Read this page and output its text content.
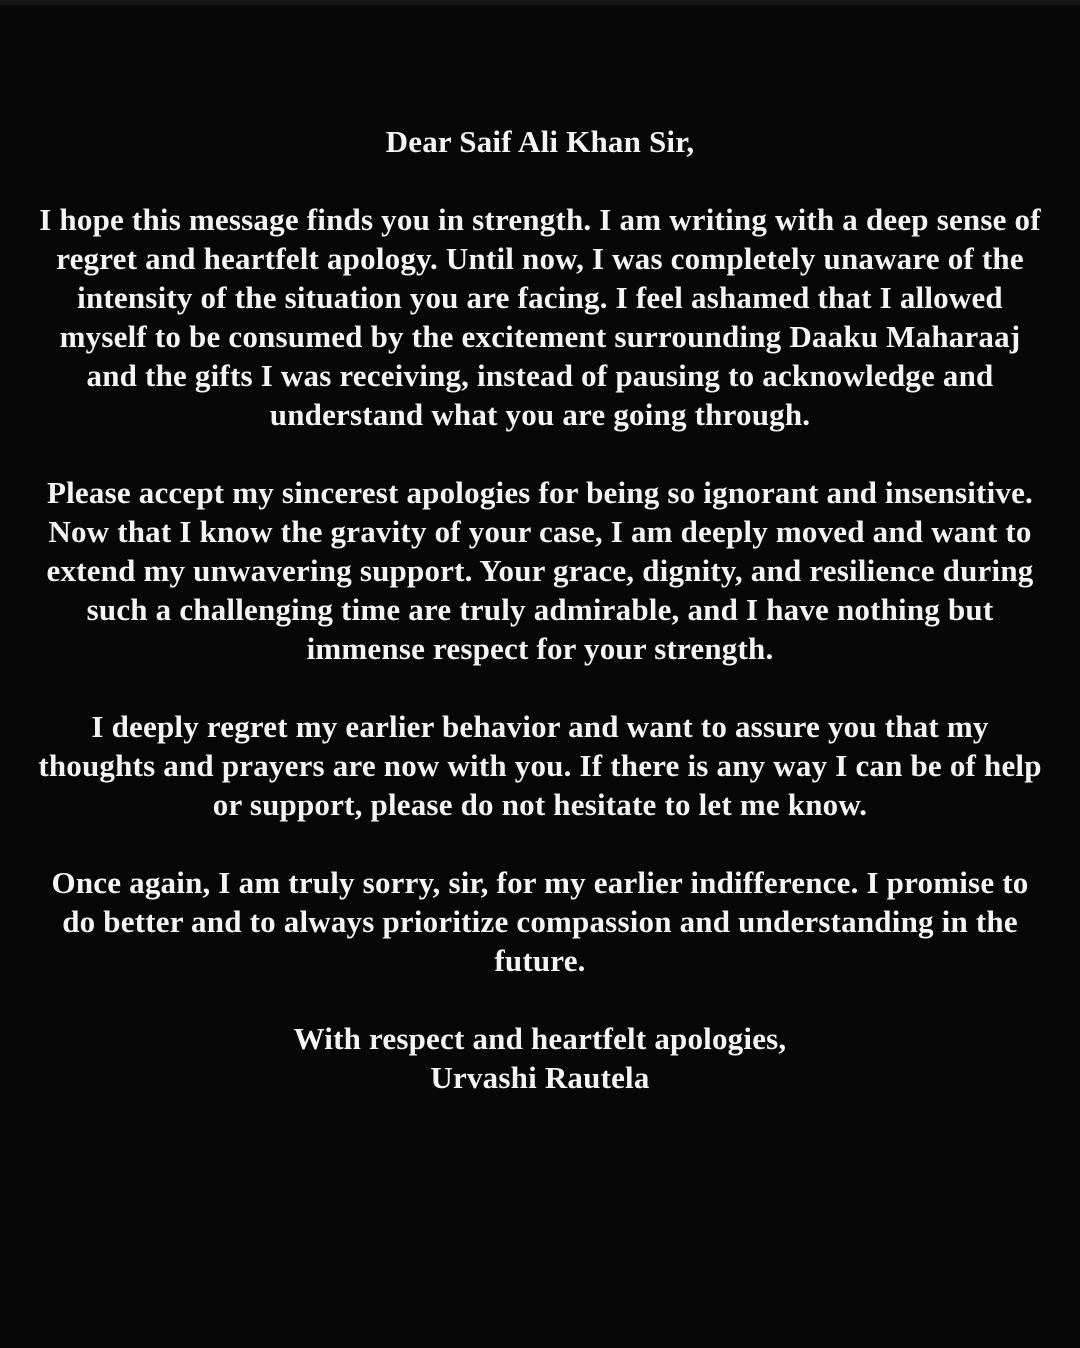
Dear Saif Ali Khan Sir,

I hope this message finds you in strength. I am writing with a deep sense of regret and heartfelt apology. Until now, I was completely unaware of the intensity of the situation you are facing. I feel ashamed that I allowed myself to be consumed by the excitement surrounding Daaku Maharaaj and the gifts I was receiving, instead of pausing to acknowledge and understand what you are going through.

Please accept my sincerest apologies for being so ignorant and insensitive. Now that I know the gravity of your case, I am deeply moved and want to extend my unwavering support. Your grace, dignity, and resilience during such a challenging time are truly admirable, and I have nothing but immense respect for your strength.

I deeply regret my earlier behavior and want to assure you that my thoughts and prayers are now with you. If there is any way I can be of help or support, please do not hesitate to let me know.

Once again, I am truly sorry, sir, for my earlier indifference. I promise to do better and to always prioritize compassion and understanding in the future.

With respect and heartfelt apologies,

Urvashi Rautela
